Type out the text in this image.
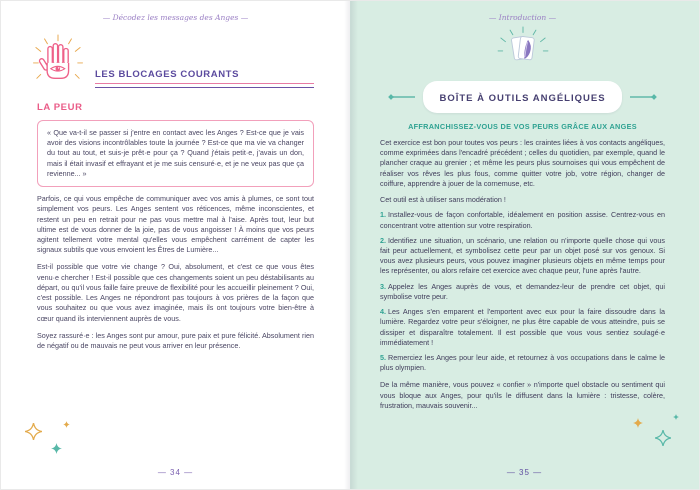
— Décodez les messages des Anges —
LES BLOCAGES COURANTS
LA PEUR

« Que va-t-il se passer si j'entre en contact avec les Anges ? Est-ce que je vais avoir des visions incontrôlables toute la journée ? Est-ce que ma vie va changer du tout au tout, et suis-je prêt·e pour ça ? Quand j'étais petit·e, j'avais un don, mais il était invasif et effrayant et je me suis censuré·e, et je ne veux pas que ça revienne... »

Parfois, ce qui vous empêche de communiquer avec vos amis à plumes, ce sont tout simplement vos peurs. Les Anges sentent vos réticences, même inconscientes, et restent un peu en retrait pour ne pas vous mettre mal à l'aise. Après tout, leur but ultime est de vous donner de la joie, pas de vous angoisser ! À moins que vos peurs agitent tellement votre mental qu'elles vous empêchent carrément de capter les signaux subtils que vous envoient les Êtres de Lumière...

Est-il possible que votre vie change ? Oui, absolument, et c'est ce que vous êtes venu·e chercher ! Est-il possible que ces changements soient un peu déstabilisants au départ, ou qu'il vous faille faire preuve de flexibilité pour les accueillir pleinement ? Oui, c'est possible. Les Anges ne répondront pas toujours à vos prières de la façon que vous souhaitez ou que vous avez imaginée, mais ils ont toujours votre bien-être à cœur quand ils interviennent auprès de vous.

Soyez rassuré·e : les Anges sont pur amour, pure paix et pure félicité. Absolument rien de négatif ou de mauvais ne peut vous arriver en leur présence.

— 34 —
— Introduction —
BOÎTE À OUTILS ANGÉLIQUES
AFFRANCHISSEZ-VOUS DE VOS PEURS GRÂCE AUX ANGES

Cet exercice est bon pour toutes vos peurs : les craintes liées à vos contacts angéliques, comme exprimées dans l'encadré précédent ; celles du quotidien, par exemple, quand le plancher craque au grenier ; et même les peurs plus sournoises qui vous empêchent de réaliser vos rêves les plus fous, comme quitter votre job, votre région, changer de coiffure, apprendre à jouer de la cornemuse, etc.

Cet outil est à utiliser sans modération !

1. Installez-vous de façon confortable, idéalement en position assise. Centrez-vous en concentrant votre attention sur votre respiration.

2. Identifiez une situation, un scénario, une relation ou n'importe quelle chose qui vous fait peur actuellement, et symbolisez cette peur par un objet posé sur vos genoux. Si vous avez plusieurs peurs, vous pouvez imaginer plusieurs objets en même temps pour les représenter, ou alors refaire cet exercice avec chaque peur, l'une après l'autre.

3. Appelez les Anges auprès de vous, et demandez-leur de prendre cet objet, qui symbolise votre peur.

4. Les Anges s'en emparent et l'emportent avec eux pour la faire dissoudre dans la lumière. Regardez votre peur s'éloigner, ne plus être capable de vous atteindre, puis se dissiper et disparaître totalement. Il est possible que vous vous sentiez soulagé·e immédiatement !

5. Remerciez les Anges pour leur aide, et retournez à vos occupations dans le calme le plus olympien.

De la même manière, vous pouvez « confier » n'importe quel obstacle ou sentiment qui vous bloque aux Anges, pour qu'ils le diffusent dans la lumière : tristesse, colère, frustration, mauvais souvenir...

— 35 —
